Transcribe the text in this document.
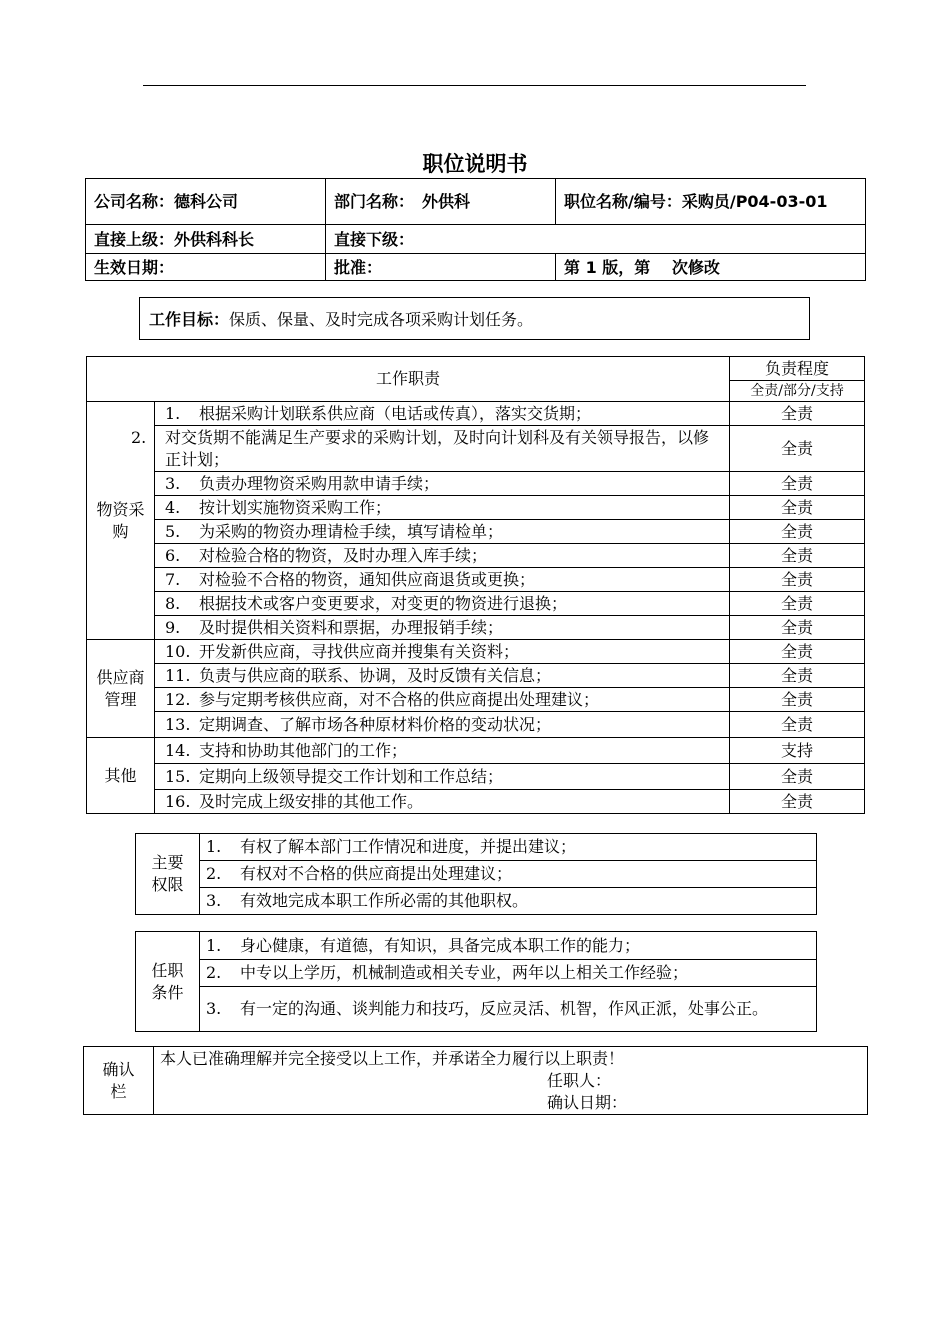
职位说明书
公司名称：德科公司	部门名称：　外供科	职位名称/编号：采购员/P04-03-01
直接上级：外供科科长	直接下级：	
生效日期：	批准：	第 1 版，第　 次修改
工作目标： 保质、保量、及时完成各项采购计划任务。
工作职责		负责程度
		全责/部分/支持
物资采购	1. 根据采购计划联系供应商（电话或传真），落实交货期；	全责
	2. 对交货期不能满足生产要求的采购计划，及时向计划科及有关领导报告，以修正计划；	全责
	3. 负责办理物资采购用款申请手续；	全责
	4. 按计划实施物资采购工作；	全责
	5. 为采购的物资办理请检手续，填写请检单；	全责
	6. 对检验合格的物资，及时办理入库手续；	全责
	7. 对检验不合格的物资，通知供应商退货或更换；	全责
	8. 根据技术或客户变更要求，对变更的物资进行退换；	全责
	9. 及时提供相关资料和票据，办理报销手续；	全责
供应商管理	10. 开发新供应商，寻找供应商并搜集有关资料；	全责
	11. 负责与供应商的联系、协调，及时反馈有关信息；	全责
	12. 参与定期考核供应商，对不合格的供应商提出处理建议；	全责
	13. 定期调查、了解市场各种原材料价格的变动状况；	全责
其他	14. 支持和协助其他部门的工作；	支持
	15. 定期向上级领导提交工作计划和工作总结；	全责
	16. 及时完成上级安排的其他工作。	全责
主要权限	1. 有权了解本部门工作情况和进度，并提出建议；
2. 有权对不合格的供应商提出处理建议；
3. 有效地完成本职工作所必需的其他职权。
任职条件	1. 身心健康，有道德，有知识，具备完成本职工作的能力；
2. 中专以上学历，机械制造或相关专业，两年以上相关工作经验；
3. 有一定的沟通、谈判能力和技巧，反应灵活、机智，作风正派，处事公正。
确认栏	
本人已准确理解并完全接受以上工作，并承诺全力履行以上职责！
任职人：
确认日期：
